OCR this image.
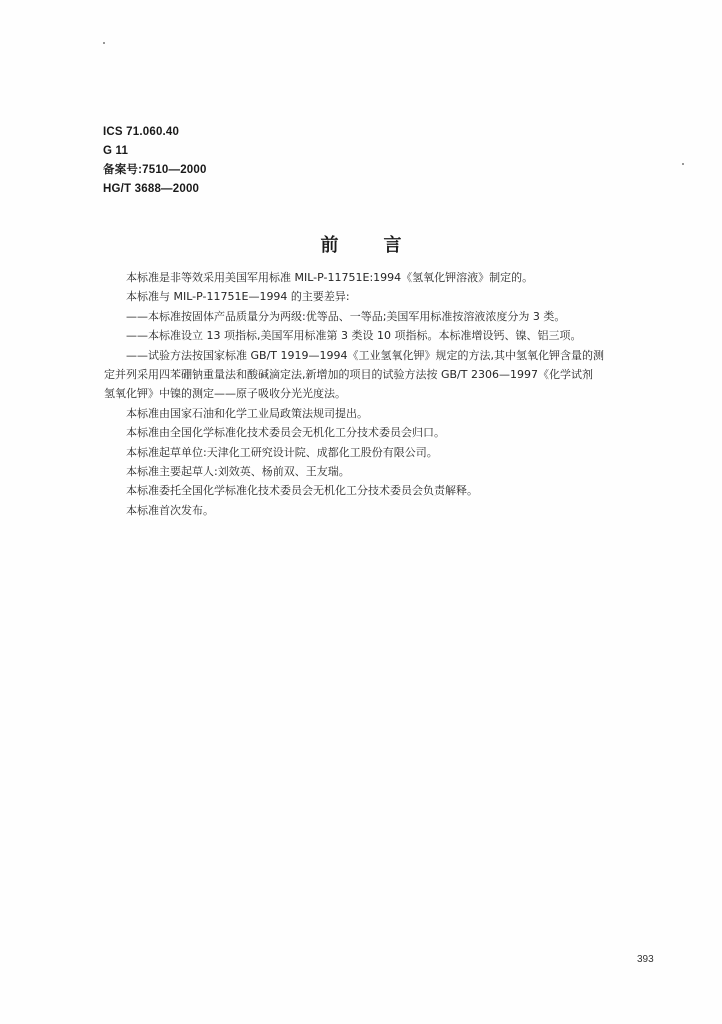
ICS 71.060.40
G 11
备案号:7510—2000
HG/T 3688—2000
前言

本标准是非等效采用美国军用标准 MIL-P-11751E:1994《氢氧化钾溶液》制定的。

本标准与 MIL-P-11751E—1994 的主要差异:

——本标准按固体产品质量分为两级:优等品、一等品;美国军用标准按溶液浓度分为 3 类。

——本标准设立 13 项指标,美国军用标准第 3 类设 10 项指标。本标准增设钙、镍、铝三项。

——试验方法按国家标准 GB/T 1919—1994《工业氢氧化钾》规定的方法,其中氢氧化钾含量的测

定并列采用四苯硼钠重量法和酸碱滴定法,新增加的项目的试验方法按 GB/T 2306—1997《化学试剂

氢氧化钾》中镍的测定——原子吸收分光光度法。

本标准由国家石油和化学工业局政策法规司提出。

本标准由全国化学标准化技术委员会无机化工分技术委员会归口。

本标准起草单位:天津化工研究设计院、成都化工股份有限公司。

本标准主要起草人:刘效英、杨前双、王友瑞。

本标准委托全国化学标准化技术委员会无机化工分技术委员会负责解释。

本标准首次发布。

393
